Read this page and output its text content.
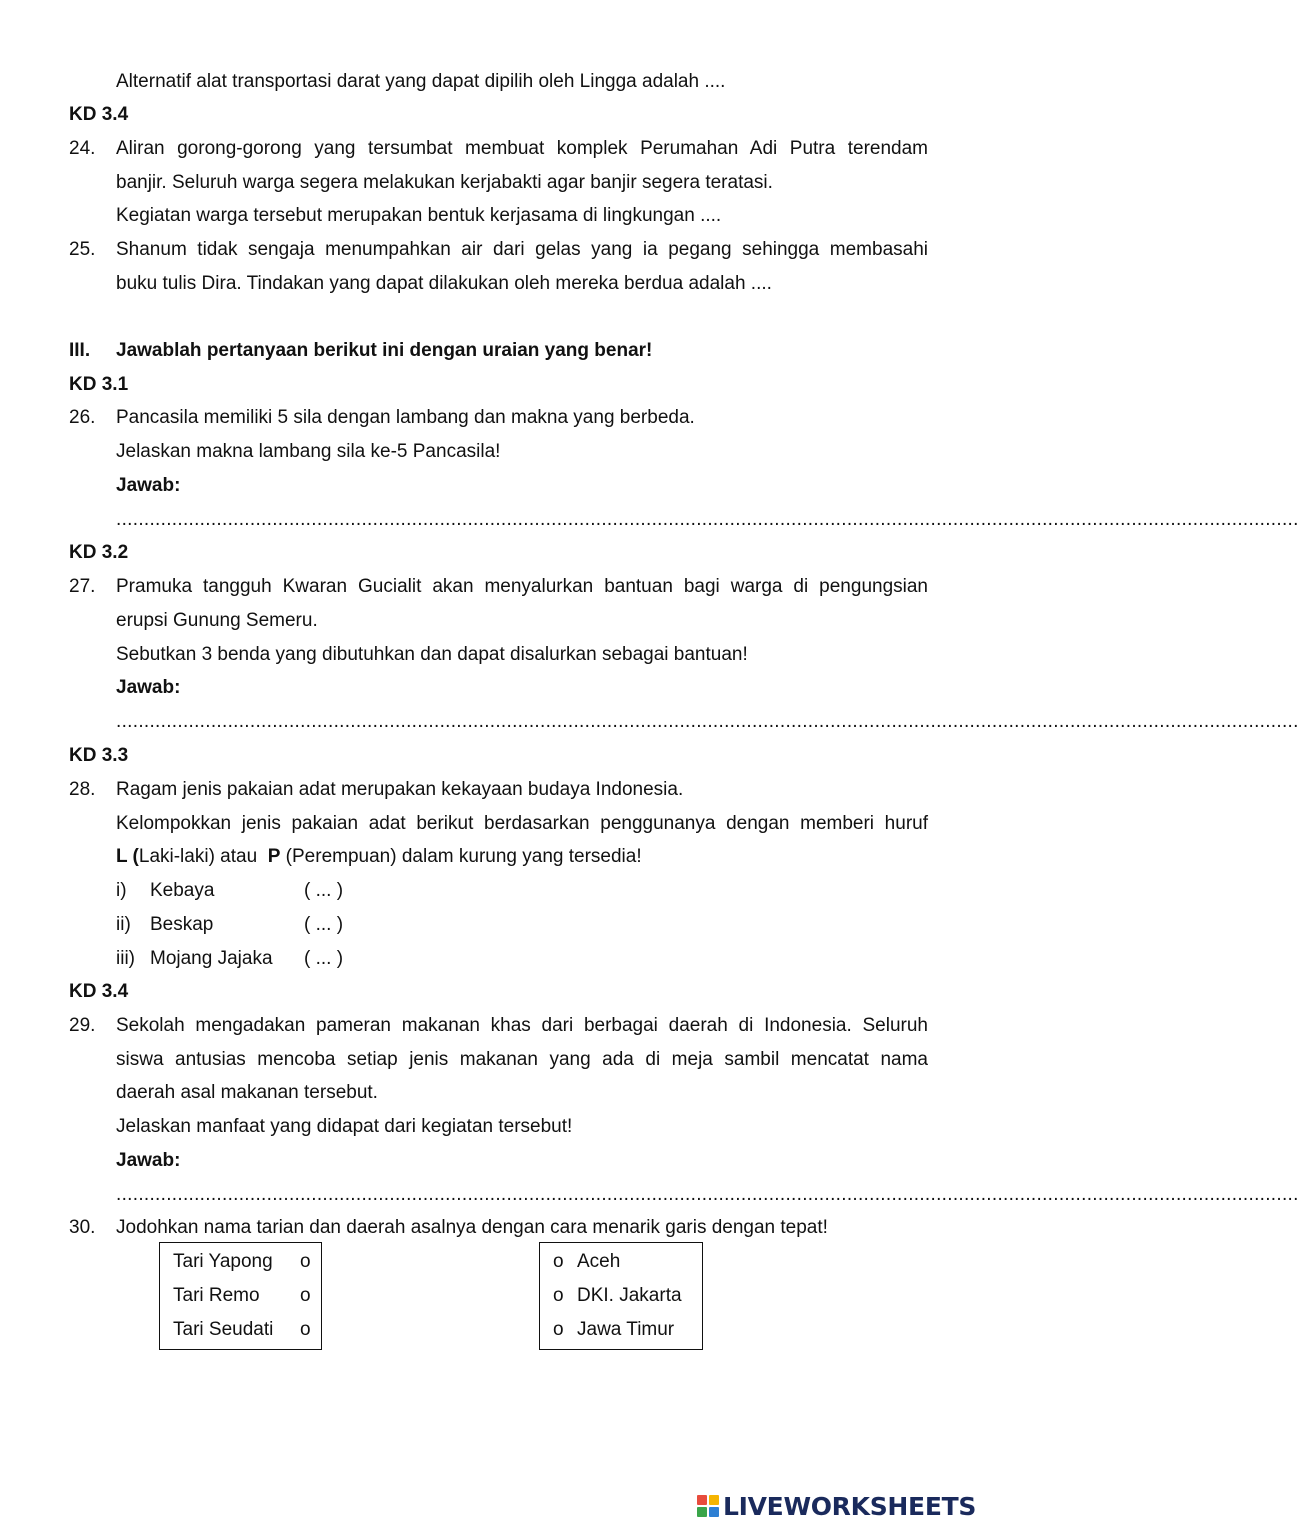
Alternatif alat transportasi darat yang dapat dipilih oleh Lingga adalah ....
KD 3.4
24.	Aliran gorong-gorong yang tersumbat membuat komplek Perumahan Adi Putra terendam
banjir. Seluruh warga segera melakukan kerjabakti agar banjir segera teratasi.
Kegiatan warga tersebut merupakan bentuk kerjasama di lingkungan ....
25.	Shanum tidak sengaja menumpahkan air dari gelas yang ia pegang sehingga membasahi
buku tulis Dira. Tindakan yang dapat dilakukan oleh mereka berdua adalah ....
III.	Jawablah pertanyaan berikut ini dengan uraian yang benar!
KD 3.1
26.	Pancasila memiliki 5 sila dengan lambang dan makna yang berbeda.
Jelaskan makna lambang sila ke-5 Pancasila!
Jawab:
....................................................................................................................................................................................................................
KD 3.2
27.	Pramuka tangguh Kwaran Gucialit akan menyalurkan bantuan bagi warga di pengungsian
erupsi Gunung Semeru.
Sebutkan 3 benda yang dibutuhkan dan dapat disalurkan sebagai bantuan!
Jawab:
....................................................................................................................................................................................................................
KD 3.3
28.	Ragam jenis pakaian adat merupakan kekayaan budaya Indonesia.
Kelompokkan jenis pakaian adat berikut berdasarkan penggunanya dengan memberi huruf
L (Laki-laki) atau  P (Perempuan) dalam kurung yang tersedia!
i) Kebaya	( ... )
ii) Beskap	( ... )
iii) Mojang Jajaka ( ... )
KD 3.4
29.	Sekolah mengadakan pameran makanan khas dari berbagai daerah di Indonesia. Seluruh
siswa antusias mencoba setiap jenis makanan yang ada di meja sambil mencatat nama
daerah asal makanan tersebut.
Jelaskan manfaat yang didapat dari kegiatan tersebut!
Jawab:
....................................................................................................................................................................................................................
30.	Jodohkan nama tarian dan daerah asalnya dengan cara menarik garis dengan tepat!
Tari Yapong o
Tari Remo o
Tari Seudati o
o Aceh
o DKI. Jakarta
o Jawa Timur
LIVEWORKSHEETS
